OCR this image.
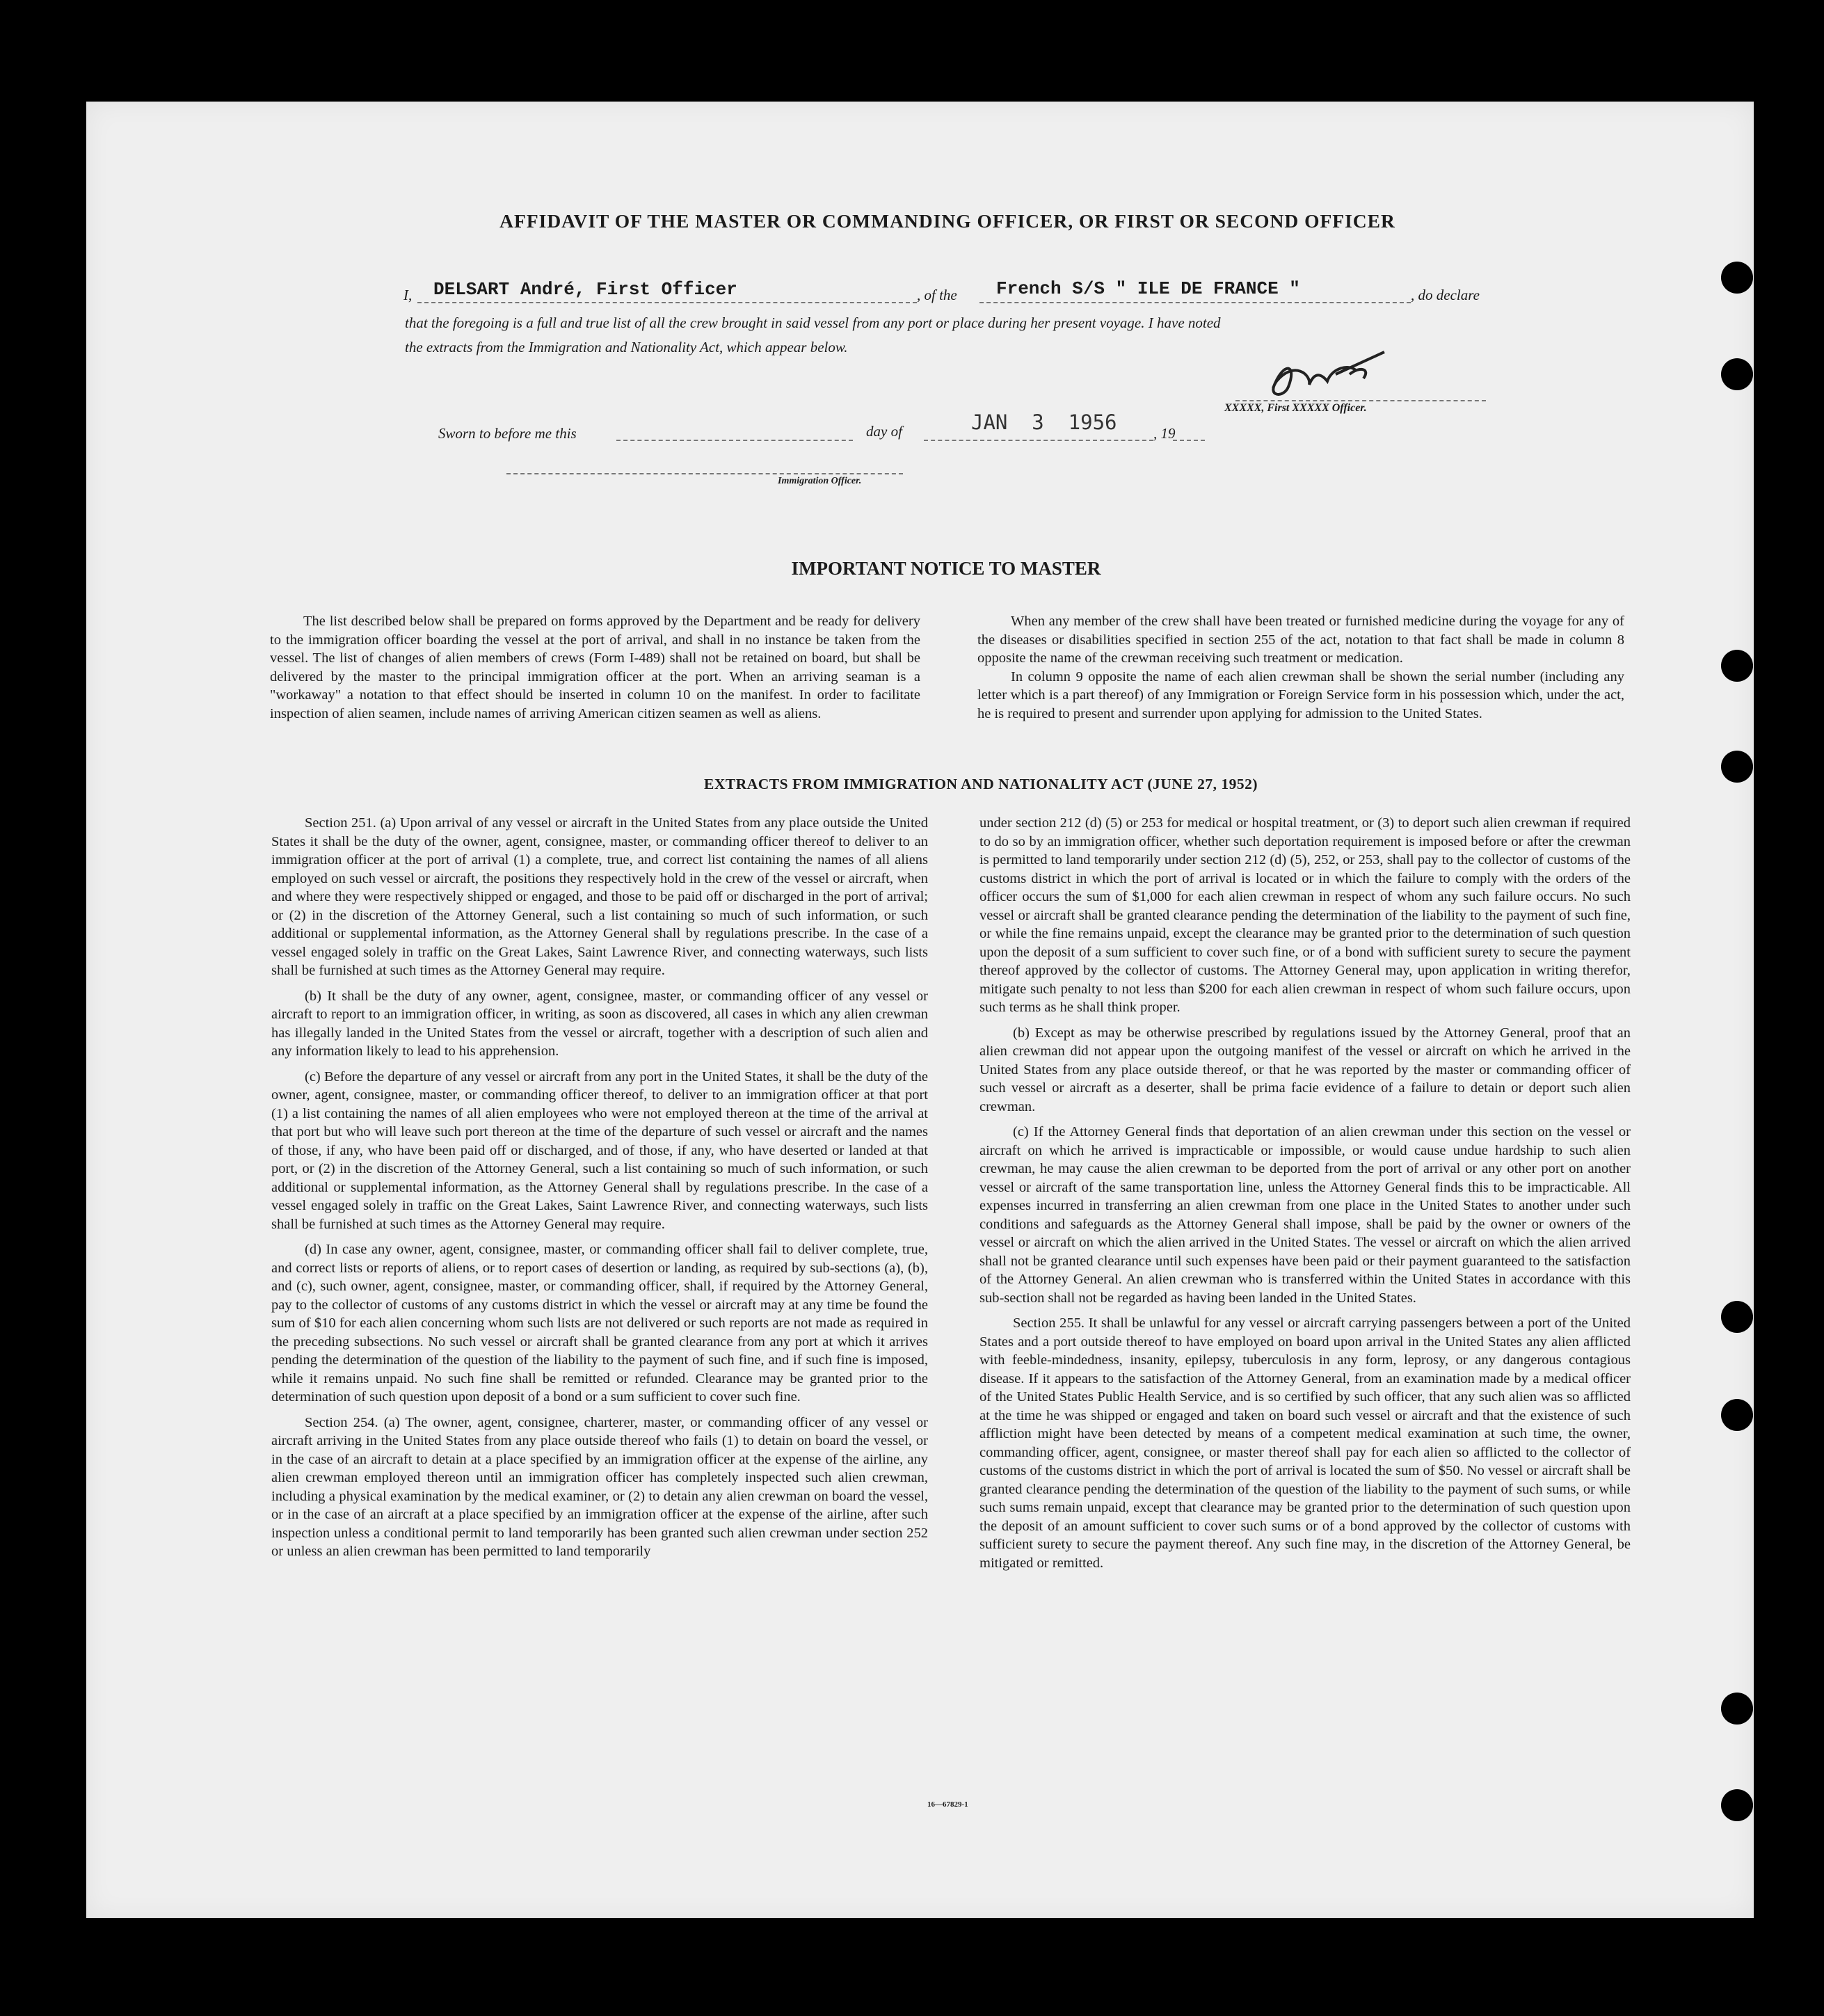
AFFIDAVIT OF THE MASTER OR COMMANDING OFFICER, OR FIRST OR SECOND OFFICER
I, DELSART André, First Officer	, of the French S/S " ILE DE FRANCE "	, do declare
that the foregoing is a full and true list of all the crew brought in said vessel from any port or place during her present voyage. I have noted
the extracts from the Immigration and Nationality Act, which appear below.
XXXXX, First XXXXX Officer.
Sworn to before me this	day of	JAN  3  1956 , 19
Immigration Officer.
IMPORTANT NOTICE TO MASTER

The list described below shall be prepared on forms approved by the Department and be ready for delivery to the immigration officer boarding the vessel at the port of arrival, and shall in no instance be taken from the vessel. The list of changes of alien members of crews (Form I-489) shall not be retained on board, but shall be delivered by the master to the principal immigration officer at the port. When an arriving seaman is a "workaway" a notation to that effect should be inserted in column 10 on the manifest. In order to facilitate inspection of alien seamen, include names of arriving American citizen seamen as well as aliens.

When any member of the crew shall have been treated or furnished medicine during the voyage for any of the diseases or disabilities specified in section 255 of the act, notation to that fact shall be made in column 8 opposite the name of the crewman receiving such treatment or medication.

In column 9 opposite the name of each alien crewman shall be shown the serial number (including any letter which is a part thereof) of any Immigration or Foreign Service form in his possession which, under the act, he is required to present and surrender upon applying for admission to the United States.

EXTRACTS FROM IMMIGRATION AND NATIONALITY ACT (JUNE 27, 1952)

Section 251. (a) Upon arrival of any vessel or aircraft in the United States from any place outside the United States it shall be the duty of the owner, agent, consignee, master, or commanding officer thereof to deliver to an immigration officer at the port of arrival (1) a complete, true, and correct list containing the names of all aliens employed on such vessel or aircraft, the positions they respectively hold in the crew of the vessel or aircraft, when and where they were respectively shipped or engaged, and those to be paid off or discharged in the port of arrival; or (2) in the discretion of the Attorney General, such a list containing so much of such information, or such additional or supplemental information, as the Attorney General shall by regulations prescribe. In the case of a vessel engaged solely in traffic on the Great Lakes, Saint Lawrence River, and connecting waterways, such lists shall be furnished at such times as the Attorney General may require.

(b) It shall be the duty of any owner, agent, consignee, master, or commanding officer of any vessel or aircraft to report to an immigration officer, in writing, as soon as discovered, all cases in which any alien crewman has illegally landed in the United States from the vessel or aircraft, together with a description of such alien and any information likely to lead to his apprehension.

(c) Before the departure of any vessel or aircraft from any port in the United States, it shall be the duty of the owner, agent, consignee, master, or commanding officer thereof, to deliver to an immigration officer at that port (1) a list containing the names of all alien employees who were not employed thereon at the time of the arrival at that port but who will leave such port thereon at the time of the departure of such vessel or aircraft and the names of those, if any, who have been paid off or discharged, and of those, if any, who have deserted or landed at that port, or (2) in the discretion of the Attorney General, such a list containing so much of such information, or such additional or supplemental information, as the Attorney General shall by regulations prescribe. In the case of a vessel engaged solely in traffic on the Great Lakes, Saint Lawrence River, and connecting waterways, such lists shall be furnished at such times as the Attorney General may require.

(d) In case any owner, agent, consignee, master, or commanding officer shall fail to deliver complete, true, and correct lists or reports of aliens, or to report cases of desertion or landing, as required by sub-sections (a), (b), and (c), such owner, agent, consignee, master, or commanding officer, shall, if required by the Attorney General, pay to the collector of customs of any customs district in which the vessel or aircraft may at any time be found the sum of $10 for each alien concerning whom such lists are not delivered or such reports are not made as required in the preceding subsections. No such vessel or aircraft shall be granted clearance from any port at which it arrives pending the determination of the question of the liability to the payment of such fine, and if such fine is imposed, while it remains unpaid. No such fine shall be remitted or refunded. Clearance may be granted prior to the determination of such question upon deposit of a bond or a sum sufficient to cover such fine.

Section 254. (a) The owner, agent, consignee, charterer, master, or commanding officer of any vessel or aircraft arriving in the United States from any place outside thereof who fails (1) to detain on board the vessel, or in the case of an aircraft to detain at a place specified by an immigration officer at the expense of the airline, any alien crewman employed thereon until an immigration officer has completely inspected such alien crewman, including a physical examination by the medical examiner, or (2) to detain any alien crewman on board the vessel, or in the case of an aircraft at a place specified by an immigration officer at the expense of the airline, after such inspection unless a conditional permit to land temporarily has been granted such alien crewman under section 252 or unless an alien crewman has been permitted to land temporarily

under section 212 (d) (5) or 253 for medical or hospital treatment, or (3) to deport such alien crewman if required to do so by an immigration officer, whether such deportation requirement is imposed before or after the crewman is permitted to land temporarily under section 212 (d) (5), 252, or 253, shall pay to the collector of customs of the customs district in which the port of arrival is located or in which the failure to comply with the orders of the officer occurs the sum of $1,000 for each alien crewman in respect of whom any such failure occurs. No such vessel or aircraft shall be granted clearance pending the determination of the liability to the payment of such fine, or while the fine remains unpaid, except the clearance may be granted prior to the determination of such question upon the deposit of a sum sufficient to cover such fine, or of a bond with sufficient surety to secure the payment thereof approved by the collector of customs. The Attorney General may, upon application in writing therefor, mitigate such penalty to not less than $200 for each alien crewman in respect of whom such failure occurs, upon such terms as he shall think proper.

(b) Except as may be otherwise prescribed by regulations issued by the Attorney General, proof that an alien crewman did not appear upon the outgoing manifest of the vessel or aircraft on which he arrived in the United States from any place outside thereof, or that he was reported by the master or commanding officer of such vessel or aircraft as a deserter, shall be prima facie evidence of a failure to detain or deport such alien crewman.

(c) If the Attorney General finds that deportation of an alien crewman under this section on the vessel or aircraft on which he arrived is impracticable or impossible, or would cause undue hardship to such alien crewman, he may cause the alien crewman to be deported from the port of arrival or any other port on another vessel or aircraft of the same transportation line, unless the Attorney General finds this to be impracticable. All expenses incurred in transferring an alien crewman from one place in the United States to another under such conditions and safeguards as the Attorney General shall impose, shall be paid by the owner or owners of the vessel or aircraft on which the alien arrived in the United States. The vessel or aircraft on which the alien arrived shall not be granted clearance until such expenses have been paid or their payment guaranteed to the satisfaction of the Attorney General. An alien crewman who is transferred within the United States in accordance with this sub-section shall not be regarded as having been landed in the United States.

Section 255. It shall be unlawful for any vessel or aircraft carrying passengers between a port of the United States and a port outside thereof to have employed on board upon arrival in the United States any alien afflicted with feeble-mindedness, insanity, epilepsy, tuberculosis in any form, leprosy, or any dangerous contagious disease. If it appears to the satisfaction of the Attorney General, from an examination made by a medical officer of the United States Public Health Service, and is so certified by such officer, that any such alien was so afflicted at the time he was shipped or engaged and taken on board such vessel or aircraft and that the existence of such affliction might have been detected by means of a competent medical examination at such time, the owner, commanding officer, agent, consignee, or master thereof shall pay for each alien so afflicted to the collector of customs of the customs district in which the port of arrival is located the sum of $50. No vessel or aircraft shall be granted clearance pending the determination of the question of the liability to the payment of such sums, or while such sums remain unpaid, except that clearance may be granted prior to the determination of such question upon the deposit of an amount sufficient to cover such sums or of a bond approved by the collector of customs with sufficient surety to secure the payment thereof. Any such fine may, in the discretion of the Attorney General, be mitigated or remitted.

16—67829-1
